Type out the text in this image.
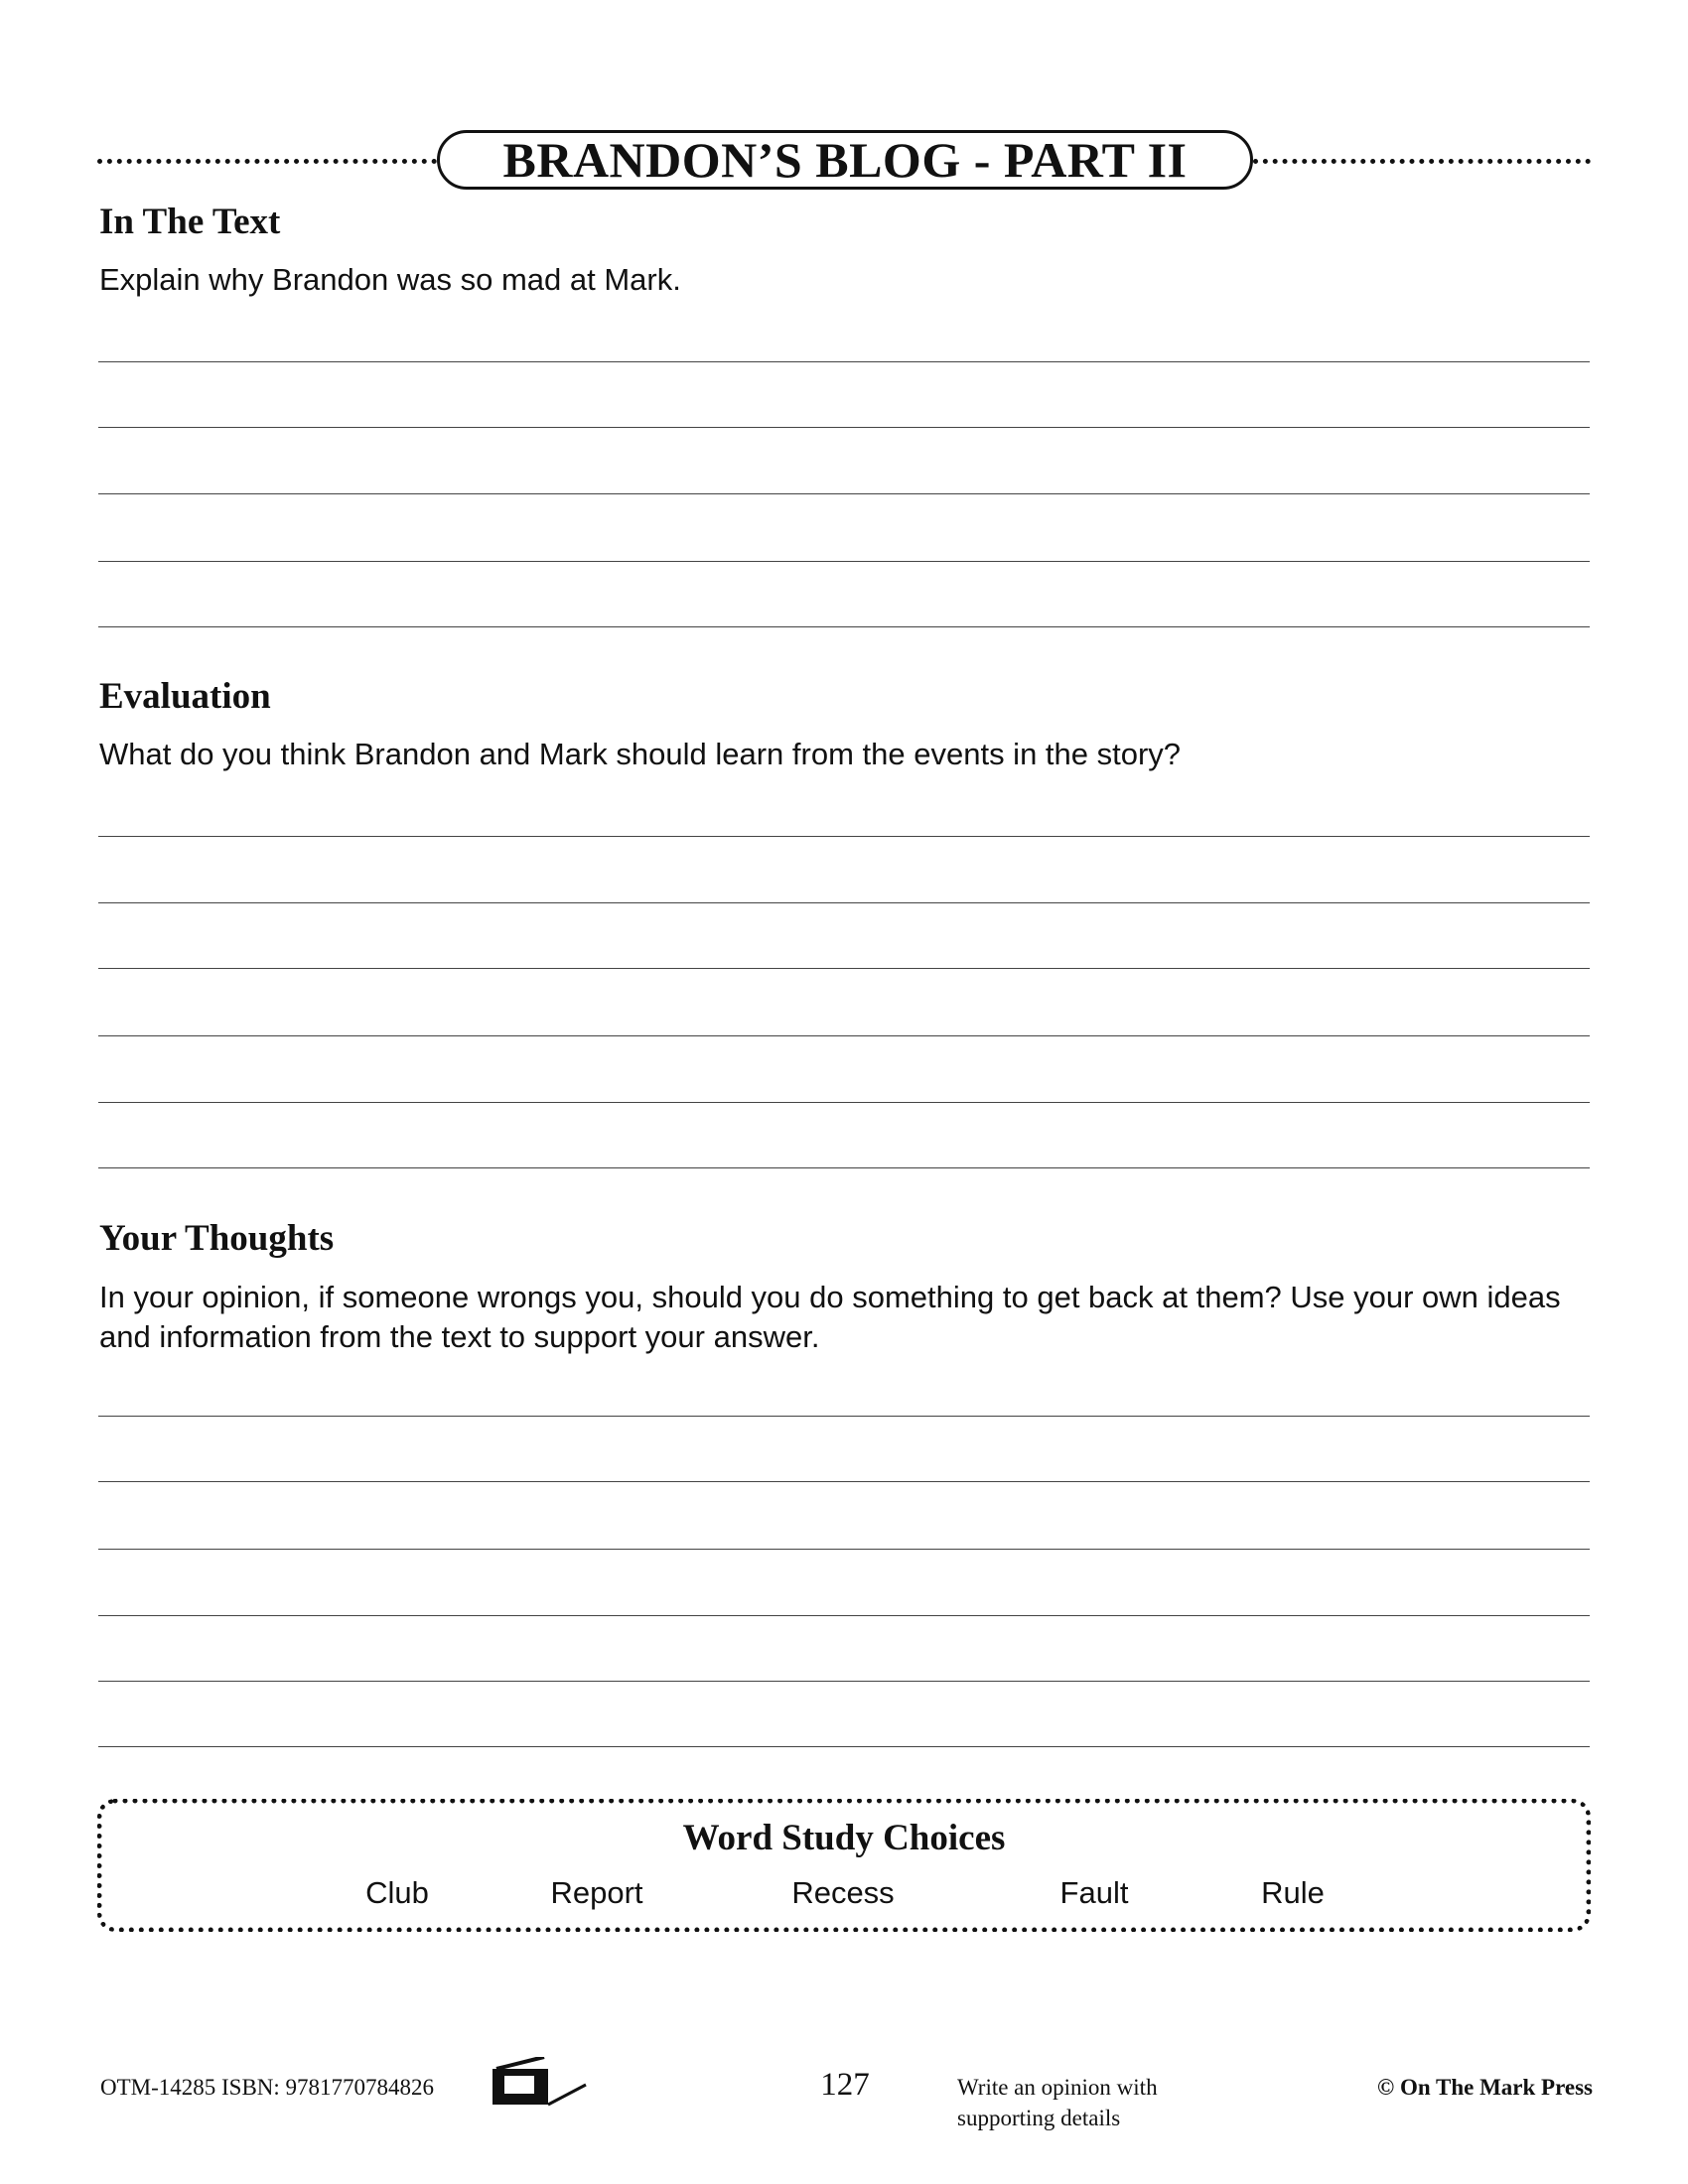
BRANDON’S BLOG - PART II
In The Text
Explain why Brandon was so mad at Mark.
Evaluation
What do you think Brandon and Mark should learn from the events in the story?
Your Thoughts
In your opinion, if someone wrongs you, should you do something to get back at them? Use your own ideas and information from the text to support your answer.
Word Study Choices
Club	Report	Recess	Fault	Rule
OTM-14285 ISBN: 9781770784826	127	Write an opinion with
supporting details
© On The Mark Press
